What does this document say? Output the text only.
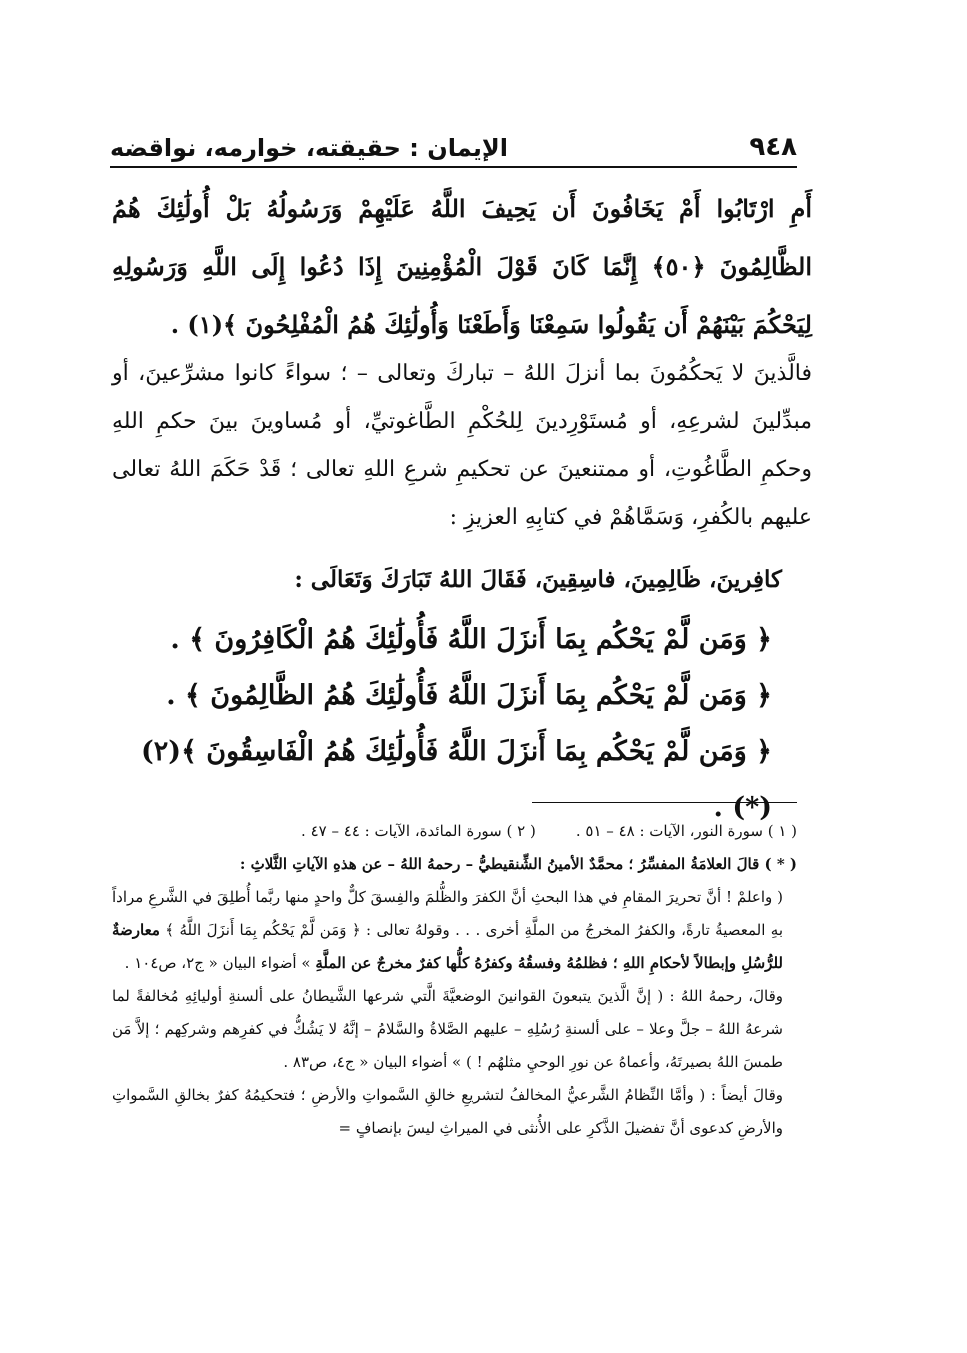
٩٤٨
الإيمان : حقيقته، خوارمه، نواقضه
أَمِ ارْتَابُوا أَمْ يَخَافُونَ أَن يَحِيفَ اللَّهُ عَلَيْهِمْ وَرَسُولُهُ بَلْ أُولَٰئِكَ هُمُ الظَّالِمُونَ ﴿٥٠﴾ إِنَّمَا كَانَ قَوْلَ الْمُؤْمِنِينَ إِذَا دُعُوا إِلَى اللَّهِ وَرَسُولِهِ لِيَحْكُمَ بَيْنَهُمْ أَن يَقُولُوا سَمِعْنَا وَأَطَعْنَا وَأُولَٰئِكَ هُمُ الْمُفْلِحُونَ ﴾(١) .
فالَّذينَ لا يَحكُمُونَ بما أنزلَ اللهُ – تباركَ وتعالى – ؛ سواءً كانوا مشرِّعينَ، أو مبدِّلينَ لشرعِهِ، أو مُستَوْرِدينَ لِلحُكْمِ الطَّاغوتيِّ، أو مُساوينَ بينَ حكمِ اللهِ وحكمِ الطَّاغُوتِ، أو ممتنعينَ عن تحكيمِ شرعِ اللهِ تعالى ؛ قَدْ حَكَمَ اللهُ تعالى عليهم بالكُفرِ، وَسَمَّاهُمْ في كتابِهِ العزيزِ :
كافِرينَ، ظَالِمِينَ، فاسِقِينَ، فَقَالَ اللهُ تَبَارَكَ وَتَعَالَى :
﴿ وَمَن لَّمْ يَحْكُم بِمَا أَنزَلَ اللَّهُ فَأُولَٰئِكَ هُمُ الْكَافِرُونَ ﴾ .
﴿ وَمَن لَّمْ يَحْكُم بِمَا أَنزَلَ اللَّهُ فَأُولَٰئِكَ هُمُ الظَّالِمُونَ ﴾ .
﴿ وَمَن لَّمْ يَحْكُم بِمَا أَنزَلَ اللَّهُ فَأُولَٰئِكَ هُمُ الْفَاسِقُونَ ﴾(٢)(*) .
( ١ ) سورة النور، الآيات : ٤٨ – ٥١ .
( ٢ ) سورة المائدة، الآيات : ٤٤ – ٤٧ .
( * ) قالَ العلامَةُ المفسِّرُ ؛ محمَّدٌ الأمينُ الشِّنقيطيُّ – رحمهُ اللهُ – عن هذهِ الآياتِ الثَّلاثِ :
( واعلمْ ! أنَّ تحريرَ المقامِ في هذا البحثِ أنَّ الكفرَ والظُّلمَ والفِسقَ كلٌّ واحدٍ منها ربَّما أُطلِقَ في الشَّرعِ مراداً بهِ المعصيةُ تارةً، والكفرُ المخرجُ من الملَّةِ أخرى . . . وقولهُ تعالى : ﴿ وَمَن لَّمْ يَحْكُم بِمَا أَنزَلَ اللَّهُ ﴾ معارضةٌ للرُّسُلِ وإبطالاً لأحكامِ اللهِ ؛ فظلمُهُ وفسقُهُ وكفرُهُ كلُّها كفرٌ مخرجٌ عن الملَّةِ » أضواء البيان « ج٢، ص١٠٤ .
وقالَ، رحمهُ اللهُ : ( إنَّ الَّذينَ يتبعونَ القوانينَ الوضعيَّةَ الَّتي شرعها الشَّيطانُ على ألسنةِ أوليائِهِ مُخالفةً لما شرعهُ اللهُ – جلَّ وعلا – على ألسنةِ رُسُلِهِ – عليهم الصَّلاةُ والسَّلامُ – إنَّهُ لا يَشُكُّ في كفرِهم وشركِهم ؛ إلاَّ مَن طمسَ اللهُ بصيرتَهُ، وأعماهُ عن نورِ الوحيِ مثلهُم ! ) » أضواء البيان « ج٤، ص٨٣ .
وقالَ أيضاً : ( وأمَّا النِّظامُ الشَّرعيُّ المخالفُ لتشريعِ خالقِ السَّمواتِ والأرضِ ؛ فتحكيمُهُ كفرٌ بخالقِ السَّمواتِ والأرضِ كدعوى أنَّ تفضيلَ الذَّكرِ على الأُنثى في الميراثِ ليسَ بإنصافٍ =
